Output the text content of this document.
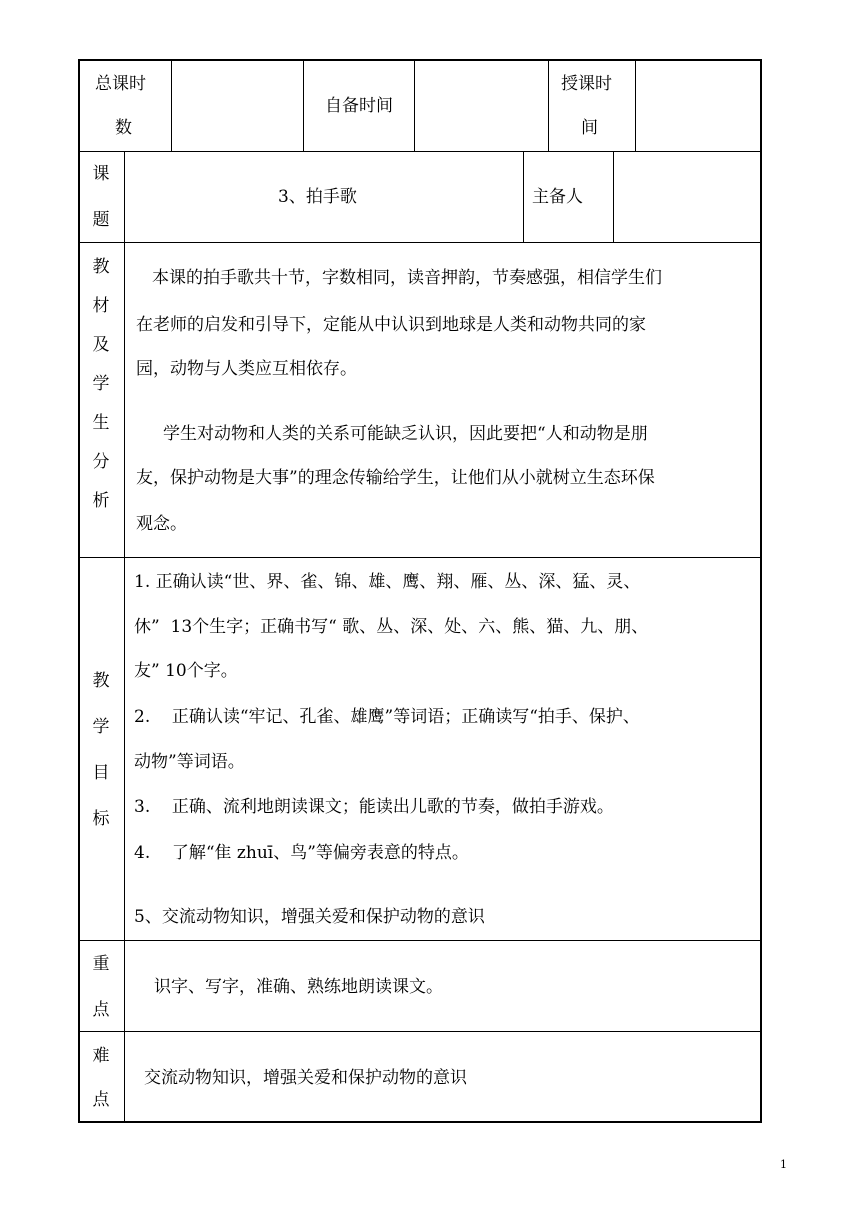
总课时
数
自备时间
授课时
间
课
题
3、拍手歌	主备人
教
材
及
学
生
分
析
本课的拍手歌共十节，字数相同，读音押韵，节奏感强，相信学生们
在老师的启发和引导下，定能从中认识到地球是人类和动物共同的家
园，动物与人类应互相依存。
学生对动物和人类的关系可能缺乏认识，因此要把“人和动物是朋
友，保护动物是大事”的理念传输给学生，让他们从小就树立生态环保
观念。
教
学
目
标
1. 正确认读“世、界、雀、锦、雄、鹰、翔、雁、丛、深、猛、灵、
休”  13个生字；正确书写“ 歌、丛、深、处、六、熊、猫、九、朋、
友” 10个字。
2.    正确认读“牢记、孔雀、雄鹰”等词语；正确读写“拍手、保护、
动物”等词语。
3.    正确、流利地朗读课文；能读出儿歌的节奏，做拍手游戏。
4.    了解“隹 zhuī、鸟”等偏旁表意的特点。
5、交流动物知识，增强关爱和保护动物的意识
重
点
识字、写字，准确、熟练地朗读课文。
难
点
交流动物知识，增强关爱和保护动物的意识
1
